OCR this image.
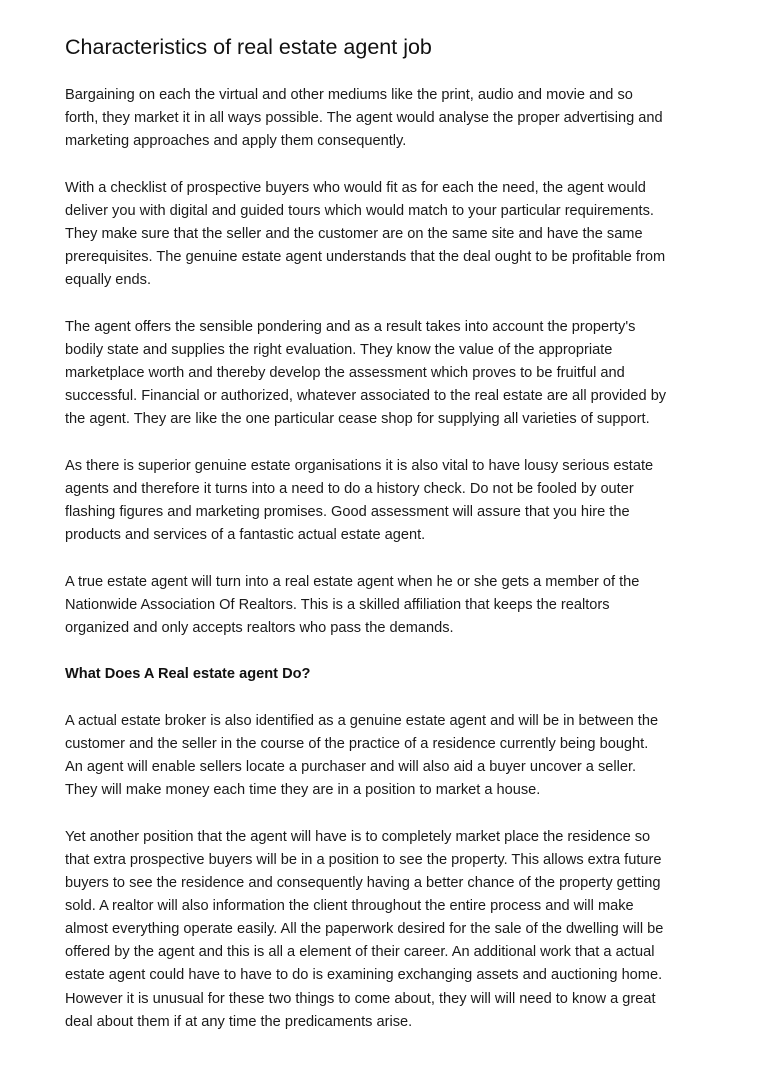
Characteristics of real estate agent job

Bargaining on each the virtual and other mediums like the print, audio and movie and so
forth, they market it in all ways possible. The agent would analyse the proper advertising and
marketing approaches and apply them consequently.

With a checklist of prospective buyers who would fit as for each the need, the agent would
deliver you with digital and guided tours which would match to your particular requirements.
They make sure that the seller and the customer are on the same site and have the same
prerequisites. The genuine estate agent understands that the deal ought to be profitable from
equally ends.

The agent offers the sensible pondering and as a result takes into account the property's
bodily state and supplies the right evaluation. They know the value of the appropriate
marketplace worth and thereby develop the assessment which proves to be fruitful and
successful. Financial or authorized, whatever associated to the real estate are all provided by
the agent. They are like the one particular cease shop for supplying all varieties of support.

As there is superior genuine estate organisations it is also vital to have lousy serious estate
agents and therefore it turns into a need to do a history check. Do not be fooled by outer
flashing figures and marketing promises. Good assessment will assure that you hire the
products and services of a fantastic actual estate agent.

A true estate agent will turn into a real estate agent when he or she gets a member of the
Nationwide Association Of Realtors. This is a skilled affiliation that keeps the realtors
organized and only accepts realtors who pass the demands.

What Does A Real estate agent Do?

A actual estate broker is also identified as a genuine estate agent and will be in between the
customer and the seller in the course of the practice of a residence currently being bought.
An agent will enable sellers locate a purchaser and will also aid a buyer uncover a seller.
They will make money each time they are in a position to market a house.

Yet another position that the agent will have is to completely market place the residence so
that extra prospective buyers will be in a position to see the property. This allows extra future
buyers to see the residence and consequently having a better chance of the property getting
sold. A realtor will also information the client throughout the entire process and will make
almost everything operate easily. All the paperwork desired for the sale of the dwelling will be
offered by the agent and this is all a element of their career. An additional work that a actual
estate agent could have to have to do is examining exchanging assets and auctioning home.
However it is unusual for these two things to come about, they will will need to know a great
deal about them if at any time the predicaments arise.
